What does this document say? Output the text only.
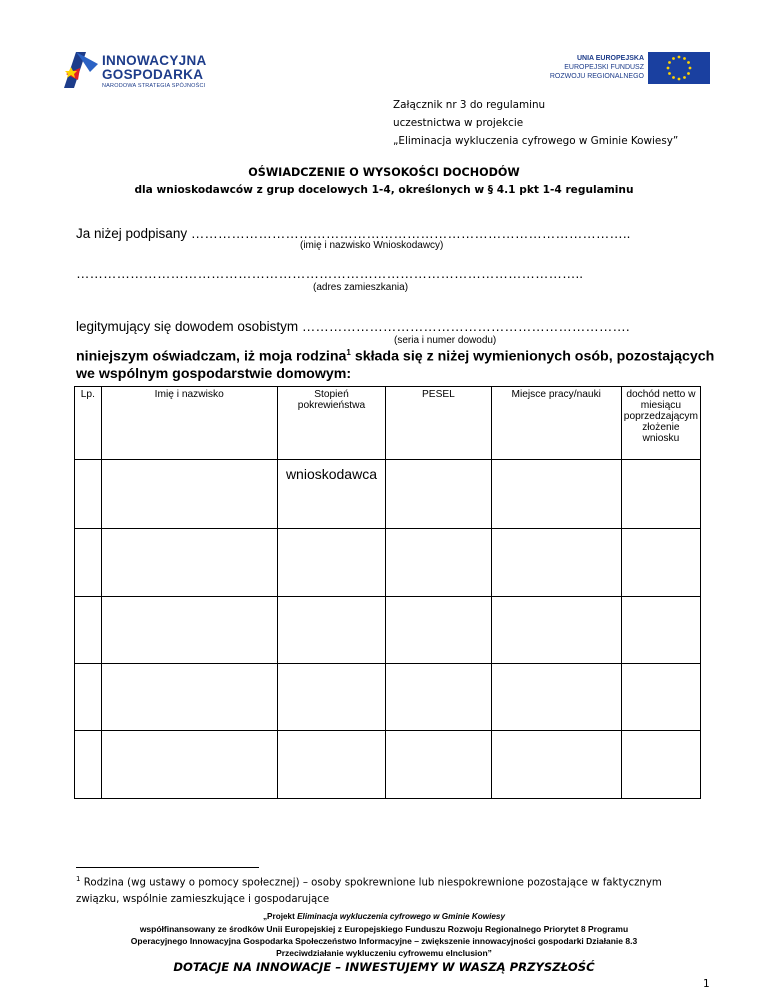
INNOWACYJNA
GOSPODARKA
NARODOWA STRATEGIA SPÓJNOŚCI
UNIA EUROPEJSKA
EUROPEJSKI FUNDUSZ
ROZWOJU REGIONALNEGO
Załącznik nr 3 do regulaminu
uczestnictwa w projekcie
„Eliminacja wykluczenia cyfrowego w Gminie Kowiesy”
OŚWIADCZENIE O WYSOKOŚCI DOCHODÓW
dla wnioskodawców z grup docelowych 1-4, określonych w § 4.1 pkt 1-4 regulaminu
Ja niżej podpisany ……………………………………………………………………………………..
(imię i nazwisko Wnioskodawcy)
…………………………………………………………………………………………………..
(adres zamieszkania)
legitymujący się dowodem osobistym ……………………………………………………………….
(seria i numer dowodu)
niniejszym oświadczam, iż moja rodzina$^1$ składa się z niżej wymienionych osób, pozostających
we wspólnym gospodarstwie domowym:
Lp.	Imię i nazwisko	Stopień pokrewieństwa	PESEL	Miejsce pracy/nauki	dochód netto w miesiącu poprzedzającym złożenie wniosku
		wnioskodawca			

$^1$ Rodzina (wg ustawy o pomocy społecznej) – osoby spokrewnione lub niespokrewnione pozostające w faktycznym
związku, wspólnie zamieszkujące i gospodarujące
„Projekt Eliminacja wykluczenia cyfrowego w Gminie Kowiesy
współfinansowany ze środków Unii Europejskiej z Europejskiego Funduszu Rozwoju Regionalnego Priorytet 8 Programu
Operacyjnego Innowacyjna Gospodarka Społeczeństwo Informacyjne – zwiększenie innowacyjności gospodarki Działanie 8.3
Przeciwdziałanie wykluczeniu cyfrowemu eInclusion”
DOTACJE NA INNOWACJE – INWESTUJEMY W WASZĄ PRZYSZŁOŚĆ
1
